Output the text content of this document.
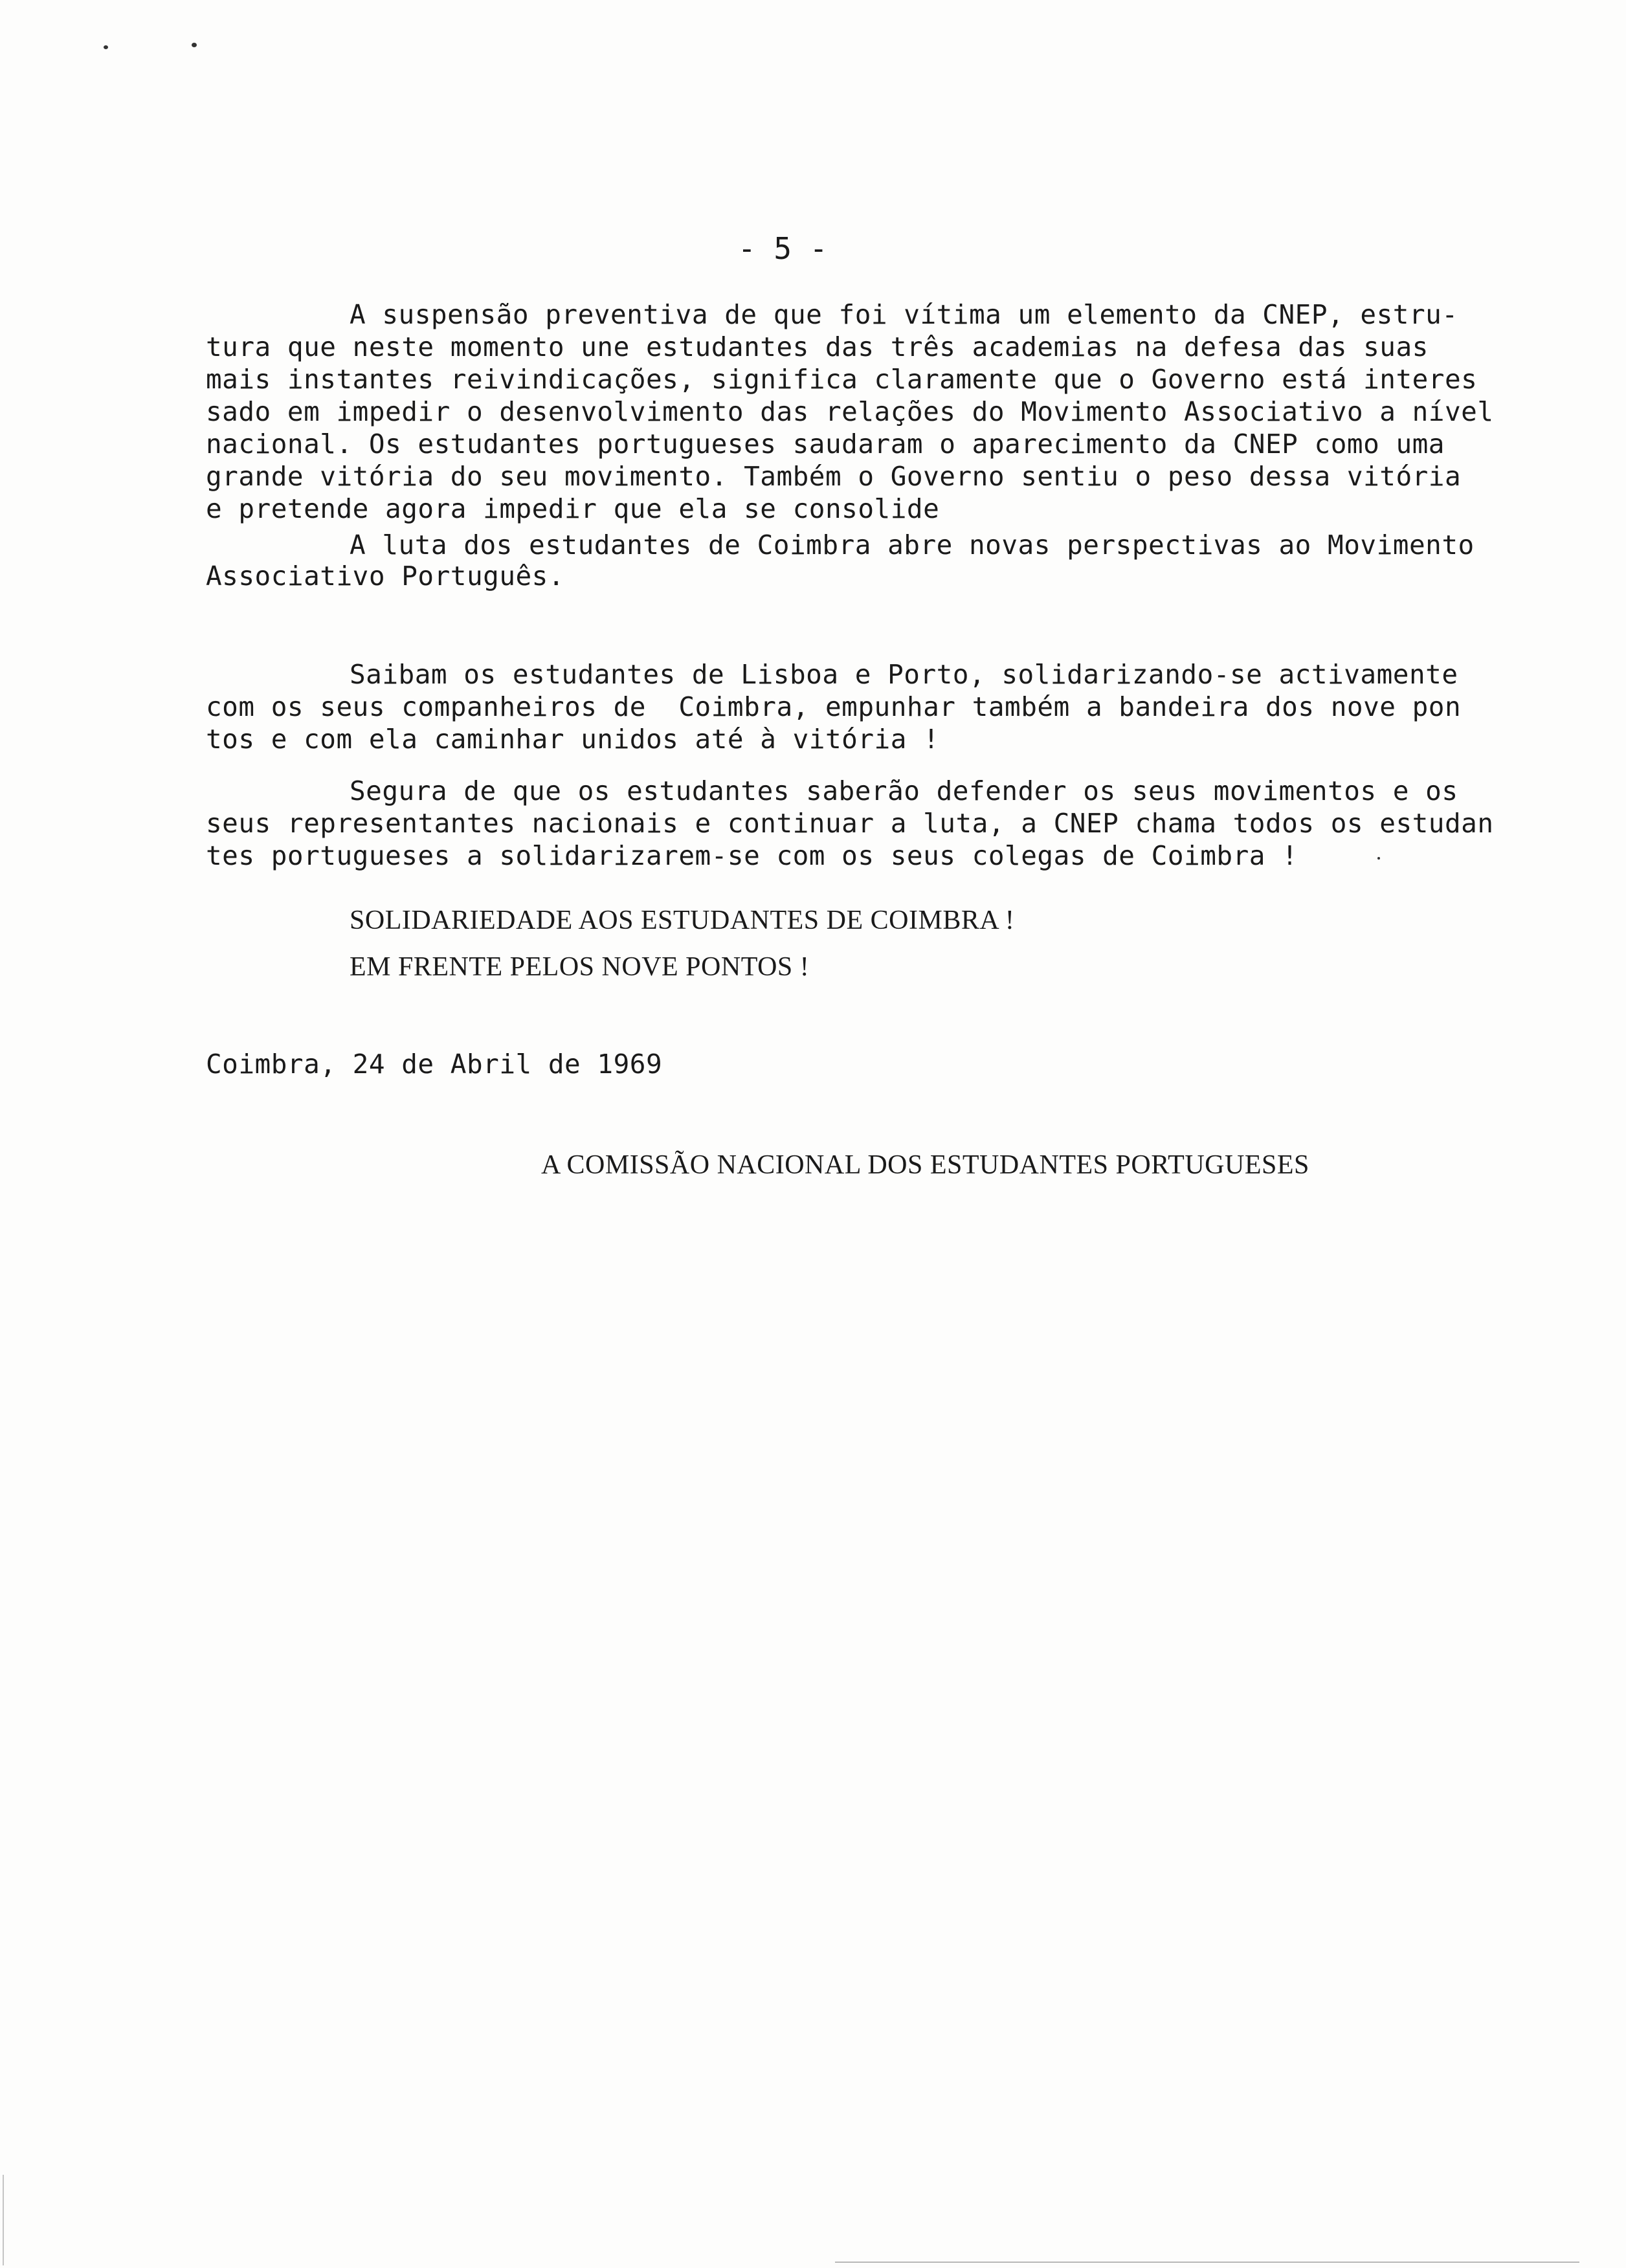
- 5 -
A suspensão preventiva de que foi vítima um elemento da CNEP, estru-
tura que neste momento une estudantes das três academias na defesa das suas
mais instantes reivindicações, significa claramente que o Governo está interes
sado em impedir o desenvolvimento das relações do Movimento Associativo a nível
nacional. Os estudantes portugueses saudaram o aparecimento da CNEP como uma
grande vitória do seu movimento. Também o Governo sentiu o peso dessa vitória
e pretende agora impedir que ela se consolide
A luta dos estudantes de Coimbra abre novas perspectivas ao Movimento
Associativo Português.
Saibam os estudantes de Lisboa e Porto, solidarizando-se activamente
com os seus companheiros de  Coimbra, empunhar também a bandeira dos nove pon
tos e com ela caminhar unidos até à vitória !
Segura de que os estudantes saberão defender os seus movimentos e os
seus representantes nacionais e continuar a luta, a CNEP chama todos os estudan
tes portugueses a solidarizarem-se com os seus colegas de Coimbra !
SOLIDARIEDADE AOS ESTUDANTES DE COIMBRA !
EM FRENTE PELOS NOVE PONTOS !
Coimbra, 24 de Abril de 1969
A COMISSÃO NACIONAL DOS ESTUDANTES PORTUGUESES
